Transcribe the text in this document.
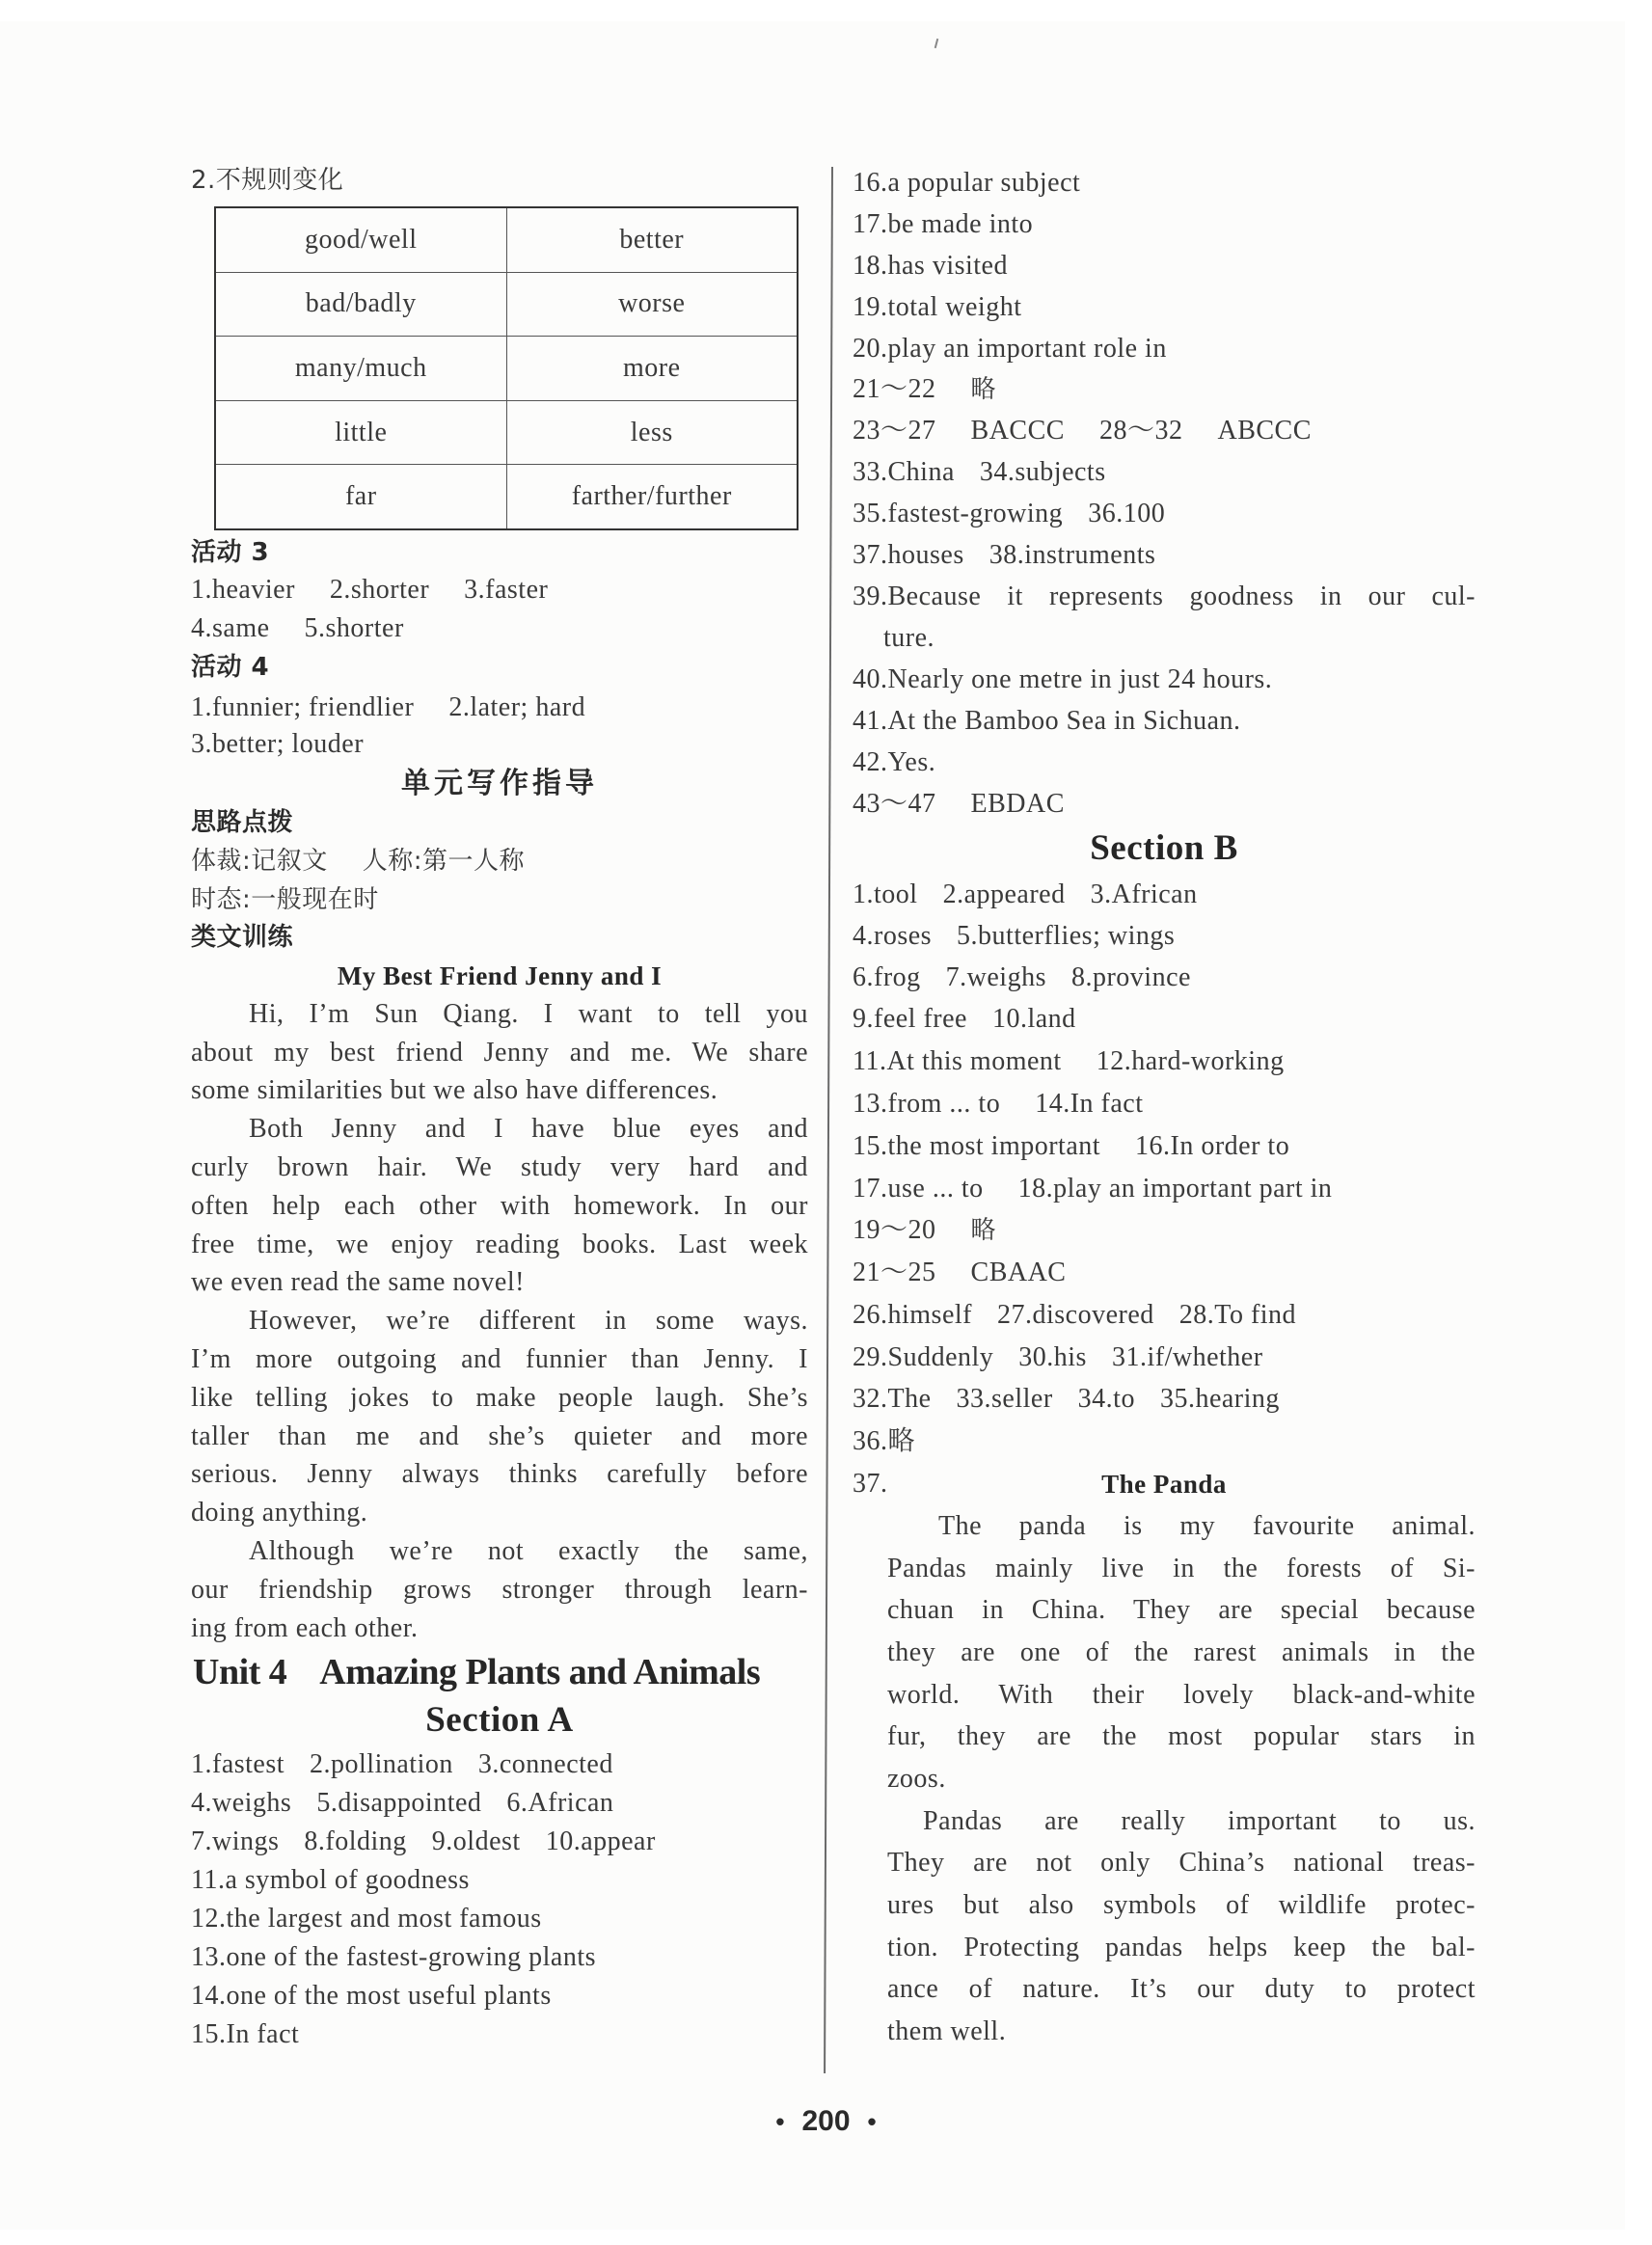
2.不规则变化
good/well	better
bad/badly	worse
many/much	more
little	less
far	farther/further
活动 3
1.heavier 2.shorter 3.faster
4.same 5.shorter
活动 4
1.funnier; friendlier 2.later; hard
3.better; louder
单元写作指导
思路点拨
体裁:记叙文 人称:第一人称
时态:一般现在时
类文训练
My Best Friend Jenny and I
Hi, I’m Sun Qiang. I want to tell you
about my best friend Jenny and me. We share
some similarities but we also have differences.
Both Jenny and I have blue eyes and
curly brown hair. We study very hard and
often help each other with homework. In our
free time, we enjoy reading books. Last week
we even read the same novel!
However, we’re different in some ways.
I’m more outgoing and funnier than Jenny. I
like telling jokes to make people laugh. She’s
taller than me and she’s quieter and more
serious. Jenny always thinks carefully before
doing anything.
Although we’re not exactly the same,
our friendship grows stronger through learn-
ing from each other.
Unit 4 Amazing Plants and Animals
Section A
1.fastest 2.pollination 3.connected
4.weighs 5.disappointed 6.African
7.wings 8.folding 9.oldest 10.appear
11.a symbol of goodness
12.the largest and most famous
13.one of the fastest-growing plants
14.one of the most useful plants
15.In fact
16.a popular subject
17.be made into
18.has visited
19.total weight
20.play an important role in
21～22 略
23～27 BACCC 28～32 ABCCC
33.China 34.subjects
35.fastest-growing 36.100
37.houses 38.instruments
39.Because it represents goodness in our cul-
ture.
40.Nearly one metre in just 24 hours.
41.At the Bamboo Sea in Sichuan.
42.Yes.
43～47 EBDAC
Section B
1.tool 2.appeared 3.African
4.roses 5.butterflies; wings
6.frog 7.weighs 8.province
9.feel free 10.land
11.At this moment 12.hard-working
13.from ... to 14.In fact
15.the most important 16.In order to
17.use ... to 18.play an important part in
19～20 略
21～25 CBAAC
26.himself 27.discovered 28.To find
29.Suddenly 30.his 31.if/whether
32.The 33.seller 34.to 35.hearing
36.略
37.	The Panda
The panda is my favourite animal.
Pandas mainly live in the forests of Si-
chuan in China. They are special because
they are one of the rarest animals in the
world. With their lovely black-and-white
fur, they are the most popular stars in
zoos.
Pandas are really important to us.
They are not only China’s national treas-
ures but also symbols of wildlife protec-
tion. Protecting pandas helps keep the bal-
ance of nature. It’s our duty to protect
them well.
• 200 •
